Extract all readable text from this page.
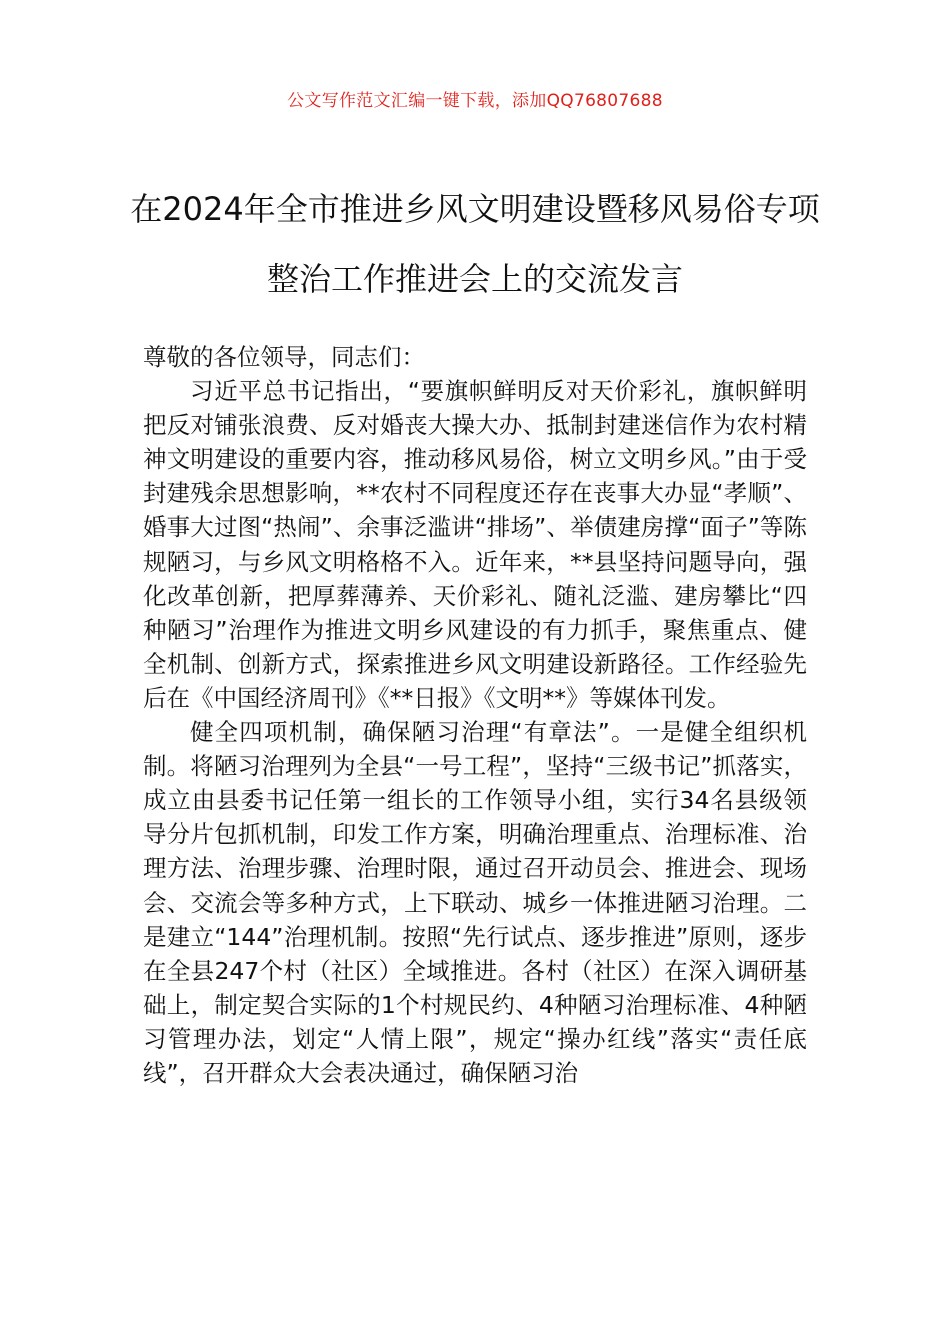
公文写作范文汇编一键下载，添加QQ76807688
在2024年全市推进乡风文明建设暨移风易俗专项整治工作推进会上的交流发言

尊敬的各位领导，同志们：

习近平总书记指出，“要旗帜鲜明反对天价彩礼，旗帜鲜明把反对铺张浪费、反对婚丧大操大办、抵制封建迷信作为农村精神文明建设的重要内容，推动移风易俗，树立文明乡风。”由于受封建残余思想影响，**农村不同程度还存在丧事大办显“孝顺”、婚事大过图“热闹”、余事泛滥讲“排场”、举债建房撑“面子”等陈规陋习，与乡风文明格格不入。近年来，**县坚持问题导向，强化改革创新，把厚葬薄养、天价彩礼、随礼泛滥、建房攀比“四种陋习”治理作为推进文明乡风建设的有力抓手，聚焦重点、健全机制、创新方式，探索推进乡风文明建设新路径。工作经验先后在《中国经济周刊》《**日报》《文明**》等媒体刊发。

健全四项机制，确保陋习治理“有章法”。一是健全组织机制。将陋习治理列为全县“一号工程”，坚持“三级书记”抓落实，成立由县委书记任第一组长的工作领导小组，实行34名县级领导分片包抓机制，印发工作方案，明确治理重点、治理标准、治理方法、治理步骤、治理时限，通过召开动员会、推进会、现场会、交流会等多种方式，上下联动、城乡一体推进陋习治理。二是建立“144”治理机制。按照“先行试点、逐步推进”原则，逐步在全县247个村（社区）全域推进。各村（社区）在深入调研基础上，制定契合实际的1个村规民约、4种陋习治理标准、4种陋习管理办法，划定“人情上限”，规定“操办红线”落实“责任底线”，召开群众大会表决通过，确保陋习治
